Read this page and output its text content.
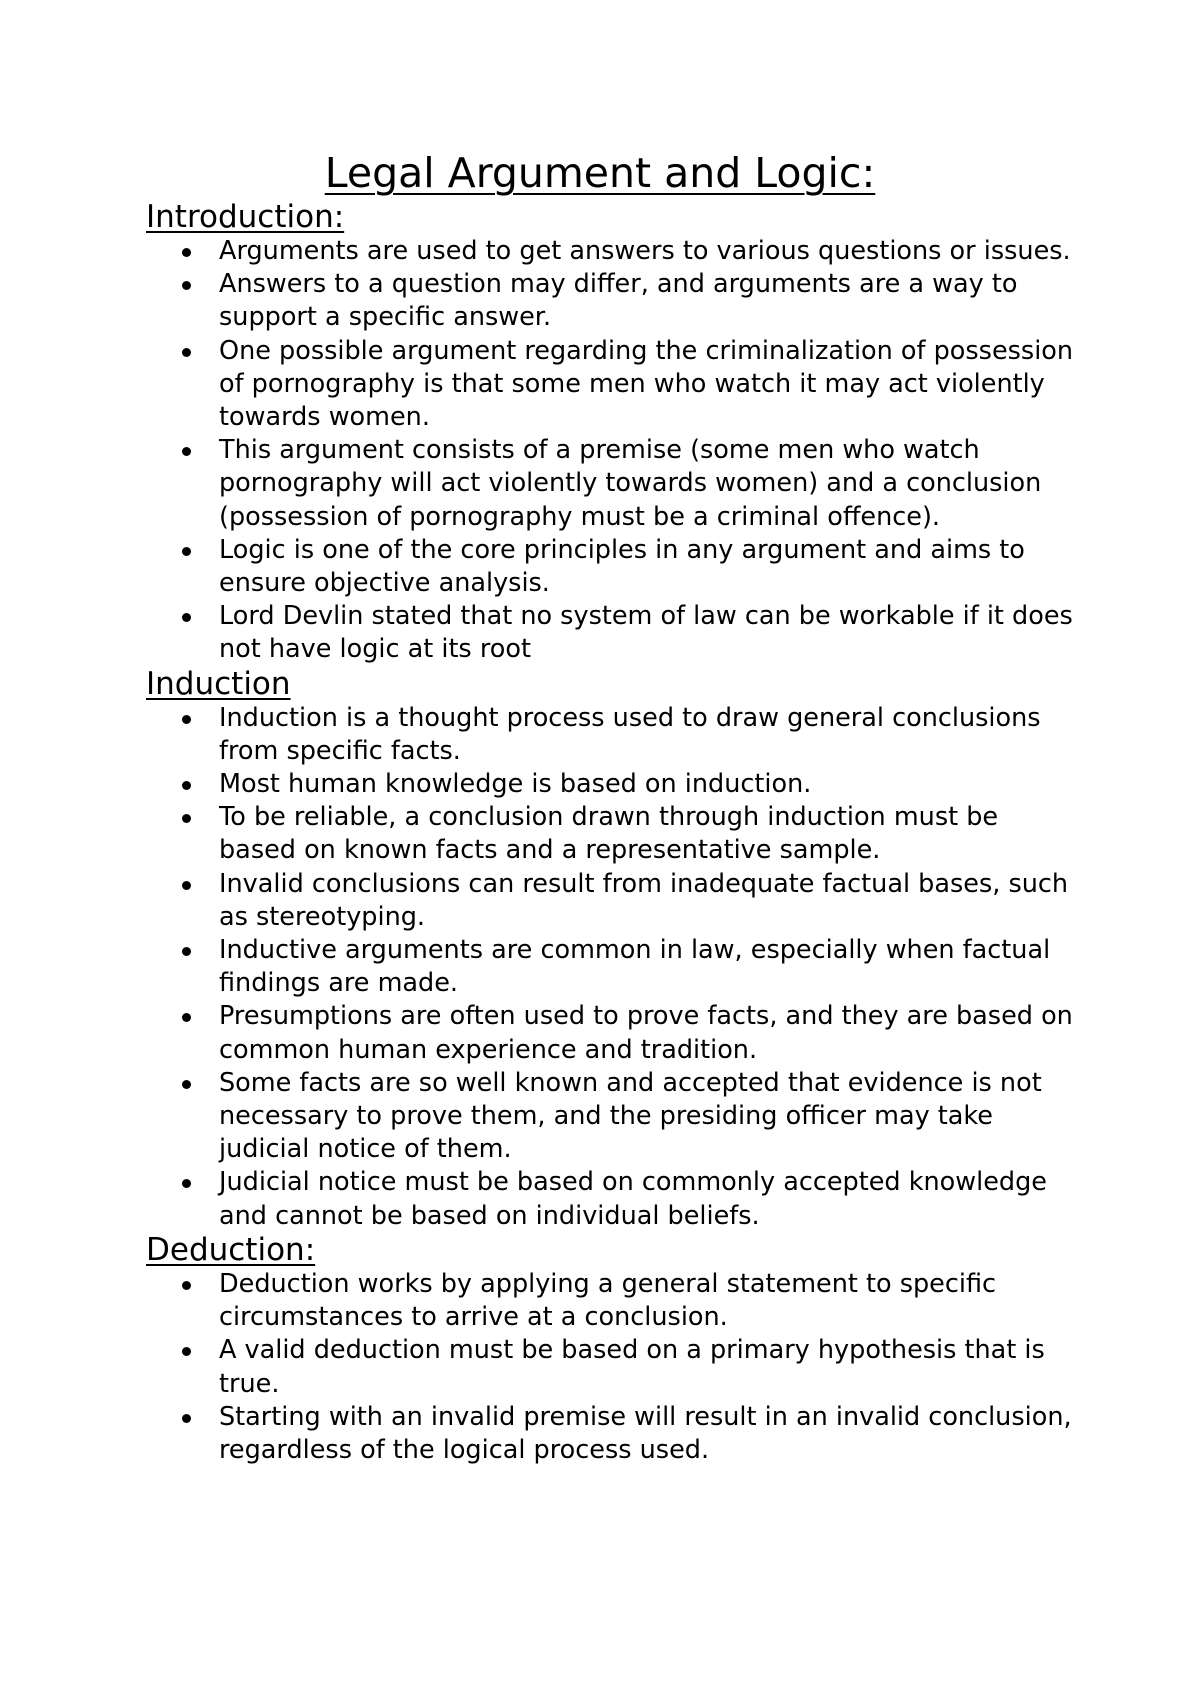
Legal Argument and Logic:
Introduction:
Arguments are used to get answers to various questions or issues.
Answers to a question may differ, and arguments are a way to support a specific answer.
One possible argument regarding the criminalization of possession of pornography is that some men who watch it may act violently towards women.
This argument consists of a premise (some men who watch pornography will act violently towards women) and a conclusion (possession of pornography must be a criminal offence).
Logic is one of the core principles in any argument and aims to ensure objective analysis.
Lord Devlin stated that no system of law can be workable if it does not have logic at its root
Induction
Induction is a thought process used to draw general conclusions from specific facts.
Most human knowledge is based on induction.
To be reliable, a conclusion drawn through induction must be based on known facts and a representative sample.
Invalid conclusions can result from inadequate factual bases, such as stereotyping.
Inductive arguments are common in law, especially when factual findings are made.
Presumptions are often used to prove facts, and they are based on common human experience and tradition.
Some facts are so well known and accepted that evidence is not necessary to prove them, and the presiding officer may take judicial notice of them.
Judicial notice must be based on commonly accepted knowledge and cannot be based on individual beliefs.
Deduction:
Deduction works by applying a general statement to specific circumstances to arrive at a conclusion.
A valid deduction must be based on a primary hypothesis that is true.
Starting with an invalid premise will result in an invalid conclusion, regardless of the logical process used.
